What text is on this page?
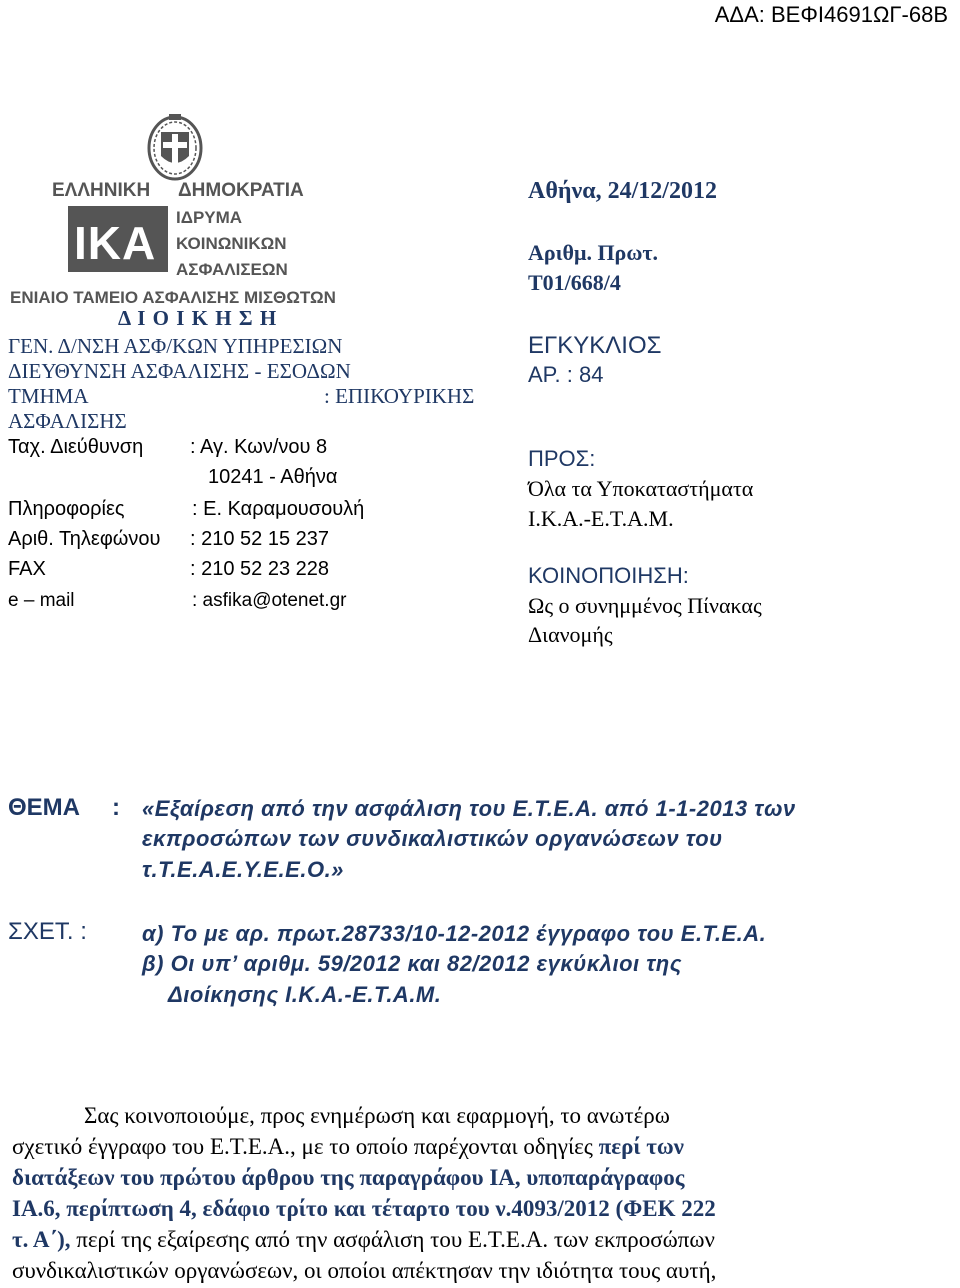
ΑΔΑ: ΒΕΦΙ4691ΩΓ-68Β
ΕΛΛΗΝΙΚΗ ΔΗΜΟΚΡΑΤΙΑ
IKA ΙΔΡΥΜΑ
ΚΟΙΝΩΝΙΚΩΝ
ΑΣΦΑΛΙΣΕΩΝ
ΕΝΙΑΙΟ ΤΑΜΕΙΟ ΑΣΦΑΛΙΣΗΣ ΜΙΣΘΩΤΩΝ
Δ Ι Ο Ι Κ Η Σ Η
ΓΕΝ. Δ/ΝΣΗ ΑΣΦ/ΚΩΝ ΥΠΗΡΕΣΙΩΝ
ΔΙΕΥΘΥΝΣΗ ΑΣΦΑΛΙΣΗΣ - ΕΣΟΔΩΝ
ΤΜΗΜΑ	: ΕΠΙΚΟΥΡΙΚΗΣ
ΑΣΦΑΛΙΣΗΣ
Ταχ. Διεύθυνση : Αγ. Κων/νου 8
10241 - Αθήνα
Πληροφορίες	: Ε. Καραμουσουλή
Αριθ. Τηλεφώνου : 210 52 15 237
FAX	: 210 52 23 228
e – mail	: asfika@otenet.gr
Αθήνα, 24/12/2012
Αριθμ. Πρωτ.
Τ01/668/4
ΕΓΚΥΚΛΙΟΣ
ΑΡ. : 84
ΠΡΟΣ:
Όλα τα Υποκαταστήματα
Ι.Κ.Α.-Ε.Τ.Α.Μ.
ΚΟΙΝΟΠΟΙΗΣΗ:
Ως ο συνημμένος Πίνακας
Διανομής
ΘΕΜΑ : «Εξαίρεση από την ασφάλιση του Ε.Τ.Ε.Α. από 1-1-2013 των
εκπροσώπων των συνδικαλιστικών οργανώσεων του
τ.Τ.Ε.Α.Ε.Υ.Ε.Ε.Ο.»
ΣΧΕΤ. :	α) Το με αρ. πρωτ.28733/10-12-2012 έγγραφο του Ε.Τ.Ε.Α.
β) Οι υπ’ αριθμ. 59/2012 και 82/2012 εγκύκλιοι της
Διοίκησης Ι.Κ.Α.-Ε.Τ.Α.Μ.
Σας κοινοποιούμε, προς ενημέρωση και εφαρμογή, το ανωτέρω
σχετικό έγγραφο του Ε.Τ.Ε.Α., με το οποίο παρέχονται οδηγίες περί των
διατάξεων του πρώτου άρθρου της παραγράφου ΙΑ, υποπαράγραφος
ΙΑ.6, περίπτωση 4, εδάφιο τρίτο και τέταρτο του ν.4093/2012 (ΦΕΚ 222
τ. Α΄), περί της εξαίρεσης από την ασφάλιση του Ε.Τ.Ε.Α. των εκπροσώπων
συνδικαλιστικών οργανώσεων, οι οποίοι απέκτησαν την ιδιότητα τους αυτή,
